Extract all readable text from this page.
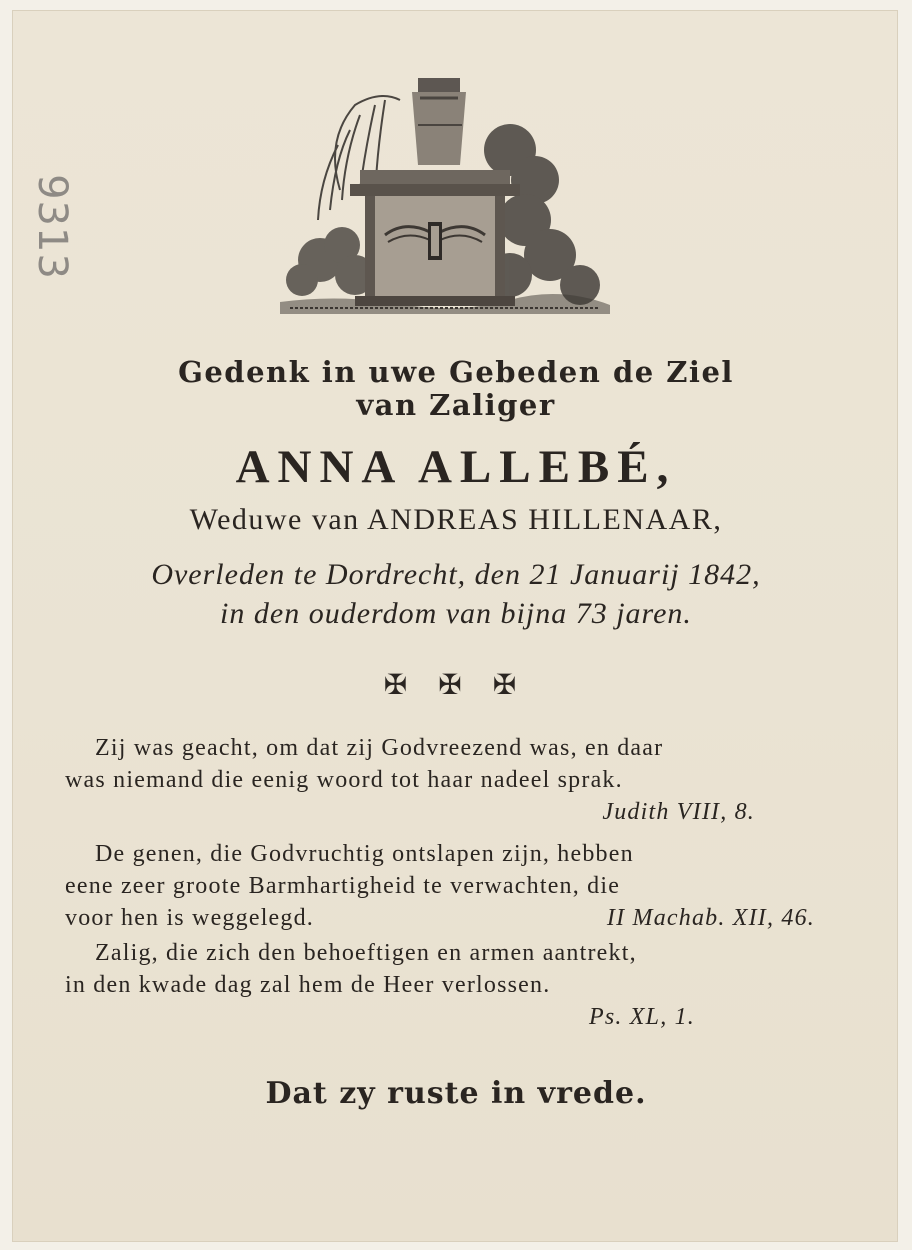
9313
Gedenk in uwe Gebeden de Ziel
van Zaliger
ANNA ALLEBÉ,
Weduwe van ANDREAS HILLENAAR,
Overleden te Dordrecht, den 21 Januarij 1842,
in den ouderdom van bijna 73 jaren.
✠ ✠ ✠
Zij was geacht, om dat zij Godvreezend was, en daar
was niemand die eenig woord tot haar nadeel sprak.
Judith VIII, 8.
De genen, die Godvruchtig ontslapen zijn, hebben
eene zeer groote Barmhartigheid te verwachten, die
voor hen is weggelegd.	II Machab. XII, 46.
Zalig, die zich den behoeftigen en armen aantrekt,
in den kwade dag zal hem de Heer verlossen.
Ps. XL, 1.
Dat zy ruste in vrede.
